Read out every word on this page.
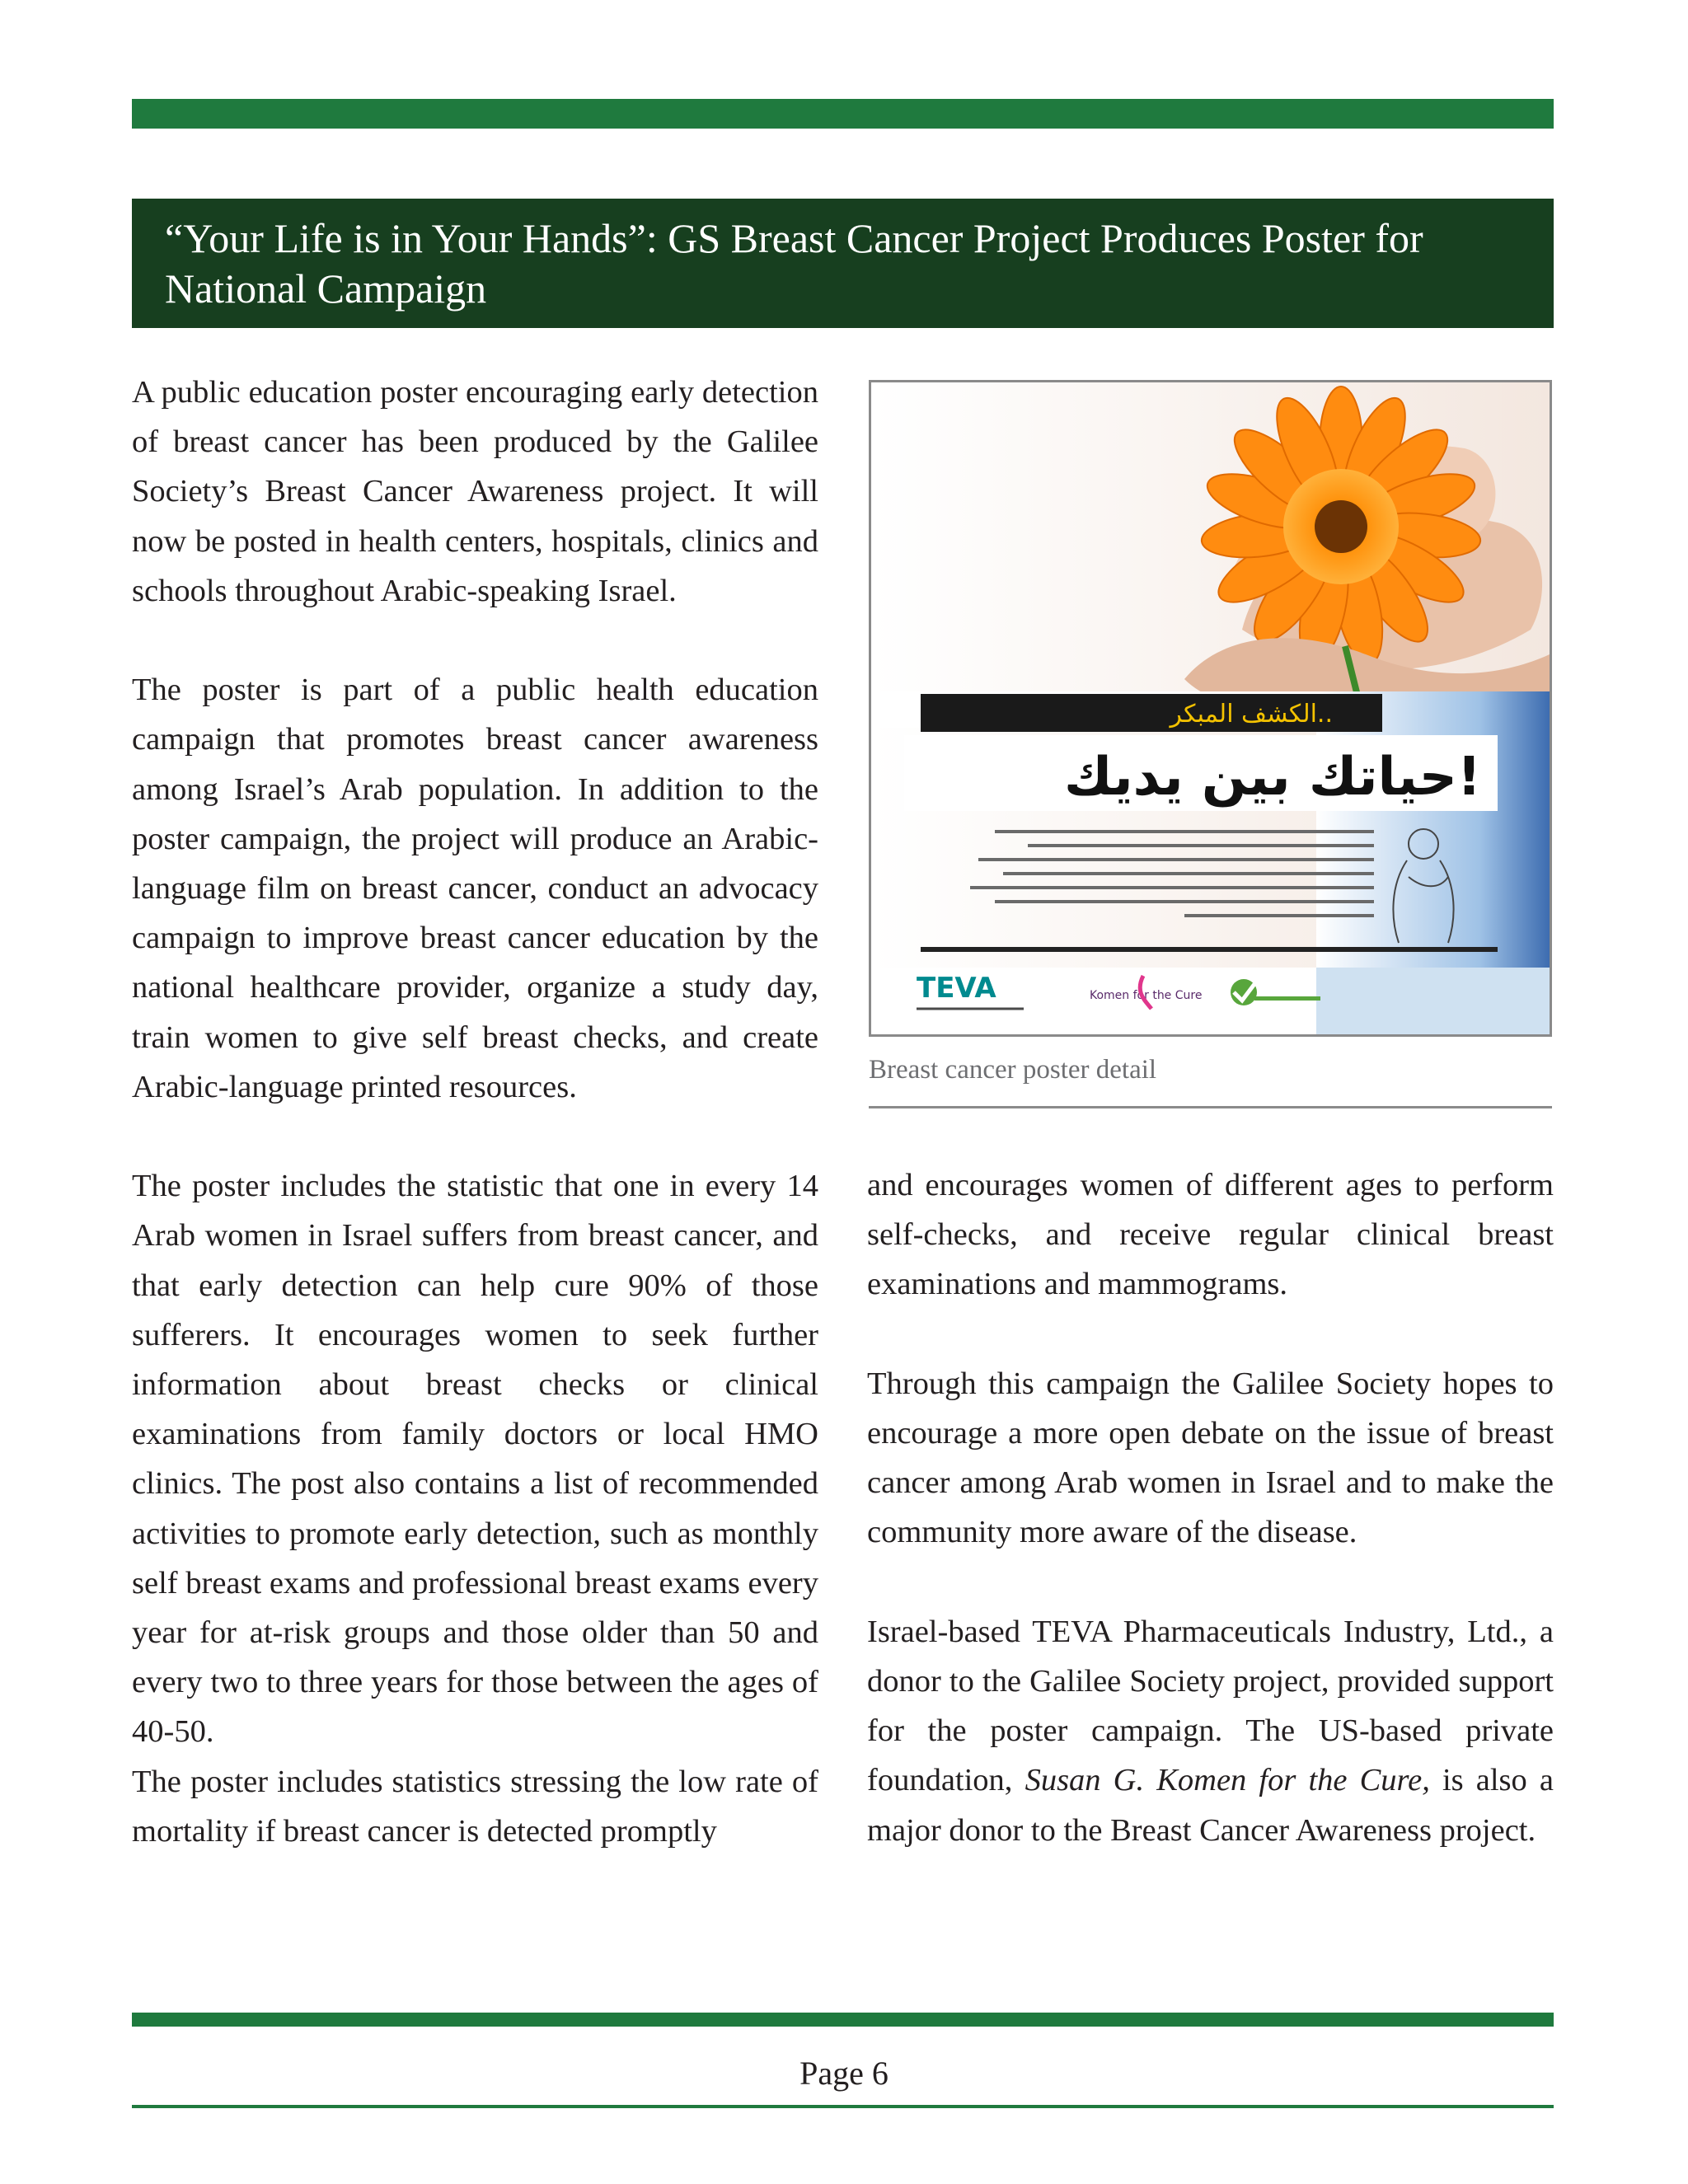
“Your Life is in Your Hands”: GS Breast Cancer Project Produces Poster for National Campaign

A public education poster encouraging early detection of breast cancer has been produced by the Galilee Society’s Breast Cancer Awareness project. It will now be posted in health centers, hospitals, clinics and schools throughout Arabic-speaking Israel.

The poster is part of a public health education campaign that promotes breast cancer awareness among Israel’s Arab population. In addition to the poster campaign, the project will produce an Arabic-language film on breast cancer, conduct an advocacy campaign to improve breast cancer education by the national healthcare provider, organize a study day, train women to give self breast checks, and create Arabic-language printed resources.

The poster includes the statistic that one in every 14 Arab women in Israel suffers from breast cancer, and that early detection can help cure 90% of those sufferers. It encourages women to seek further information about breast checks or clinical examinations from family doctors or local HMO clinics. The post also contains a list of recommended activities to promote early detection, such as monthly self breast exams and professional breast exams every year for at-risk groups and those older than 50 and every two to three years for those between the ages of 40-50.

The poster includes statistics stressing the low rate of mortality if breast cancer is detected promptly

الكشف المبكر..
حياتك بين يديك!
TEVA	Komen for the Cure
Breast cancer poster detail

and encourages women of different ages to perform self-checks, and receive regular clinical breast examinations and mammograms.

Through this campaign the Galilee Society hopes to encourage a more open debate on the issue of breast cancer among Arab women in Israel and to make the community more aware of the disease.

Israel-based TEVA Pharmaceuticals Industry, Ltd., a donor to the Galilee Society project, provided support for the poster campaign. The US-based private foundation, Susan G. Komen for the Cure, is also a major donor to the Breast Cancer Awareness project.

Page 6
